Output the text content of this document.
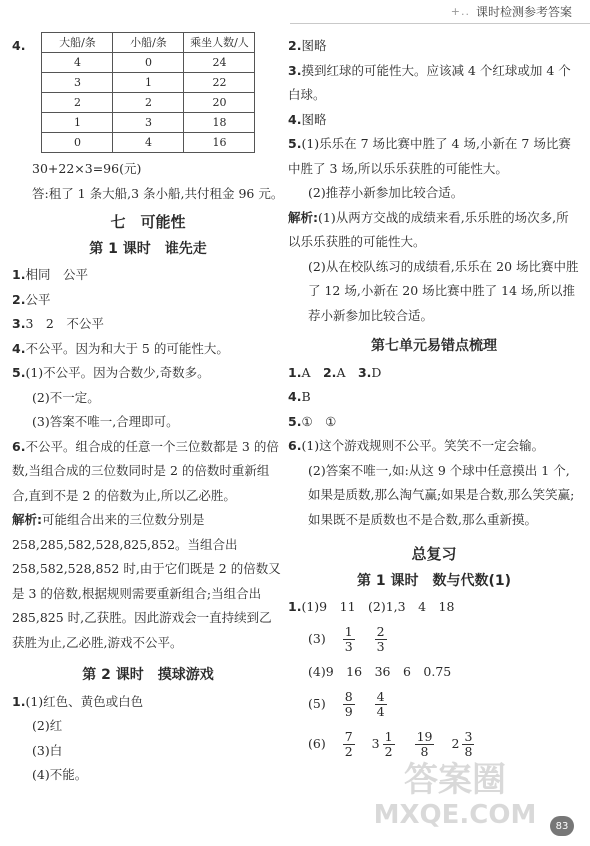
+.. 课时检测参考答案
4.	大船/条	小船/条	乘坐人数/人
4	0	24
3	1	22
2	2	20
1	3	18
0	4	16

30+22×3=96(元)

答:租了 1 条大船,3 条小船,共付租金 96 元。

七　可能性
第 1 课时　谁先走

1.相同　公平

2.公平

3.3　2　不公平

4.不公平。因为和大于 5 的可能性大。

5.(1)不公平。因为合数少,奇数多。

(2)不一定。

(3)答案不唯一,合理即可。

6.不公平。组合成的任意一个三位数都是 3 的倍数,当组合成的三位数同时是 2 的倍数时重新组合,直到不是 2 的倍数为止,所以乙必胜。

解析:可能组合出来的三位数分别是 258,285,582,528,825,852。当组合出 258,582,528,852 时,由于它们既是 2 的倍数又是 3 的倍数,根据规则需要重新组合;当组合出 285,825 时,乙获胜。因此游戏会一直持续到乙获胜为止,乙必胜,游戏不公平。

第 2 课时　摸球游戏

1.(1)红色、黄色或白色

(2)红

(3)白

(4)不能。

2.图略

3.摸到红球的可能性大。应该减 4 个红球或加 4 个白球。

4.图略

5.(1)乐乐在 7 场比赛中胜了 4 场,小新在 7 场比赛中胜了 3 场,所以乐乐获胜的可能性大。

(2)推荐小新参加比较合适。

解析:(1)从两方交战的成绩来看,乐乐胜的场次多,所以乐乐获胜的可能性大。

(2)从在校队练习的成绩看,乐乐在 20 场比赛中胜了 12 场,小新在 20 场比赛中胜了 14 场,所以推荐小新参加比较合适。

第七单元易错点梳理

1.A　2.A　3.D

4.B

5.①　①

6.(1)这个游戏规则不公平。笑笑不一定会输。

(2)答案不唯一,如:从这 9 个球中任意摸出 1 个,如果是质数,那么淘气赢;如果是合数,那么笑笑赢;如果既不是质数也不是合数,那么重新摸。

总复习
第 1 课时　数与代数(1)

1.(1)9　11　(2)1,3　4　18

$(3) \frac{1}{3} \frac{2}{3}$

(4)9　16　36　6　0.75

$(5) \frac{8}{9} \frac{4}{4}$
$(6) \frac{7}{2} 3 \frac{1}{2} \frac{19}{8} 2 \frac{3}{8}$
答案圈
MXQE.COM	83
